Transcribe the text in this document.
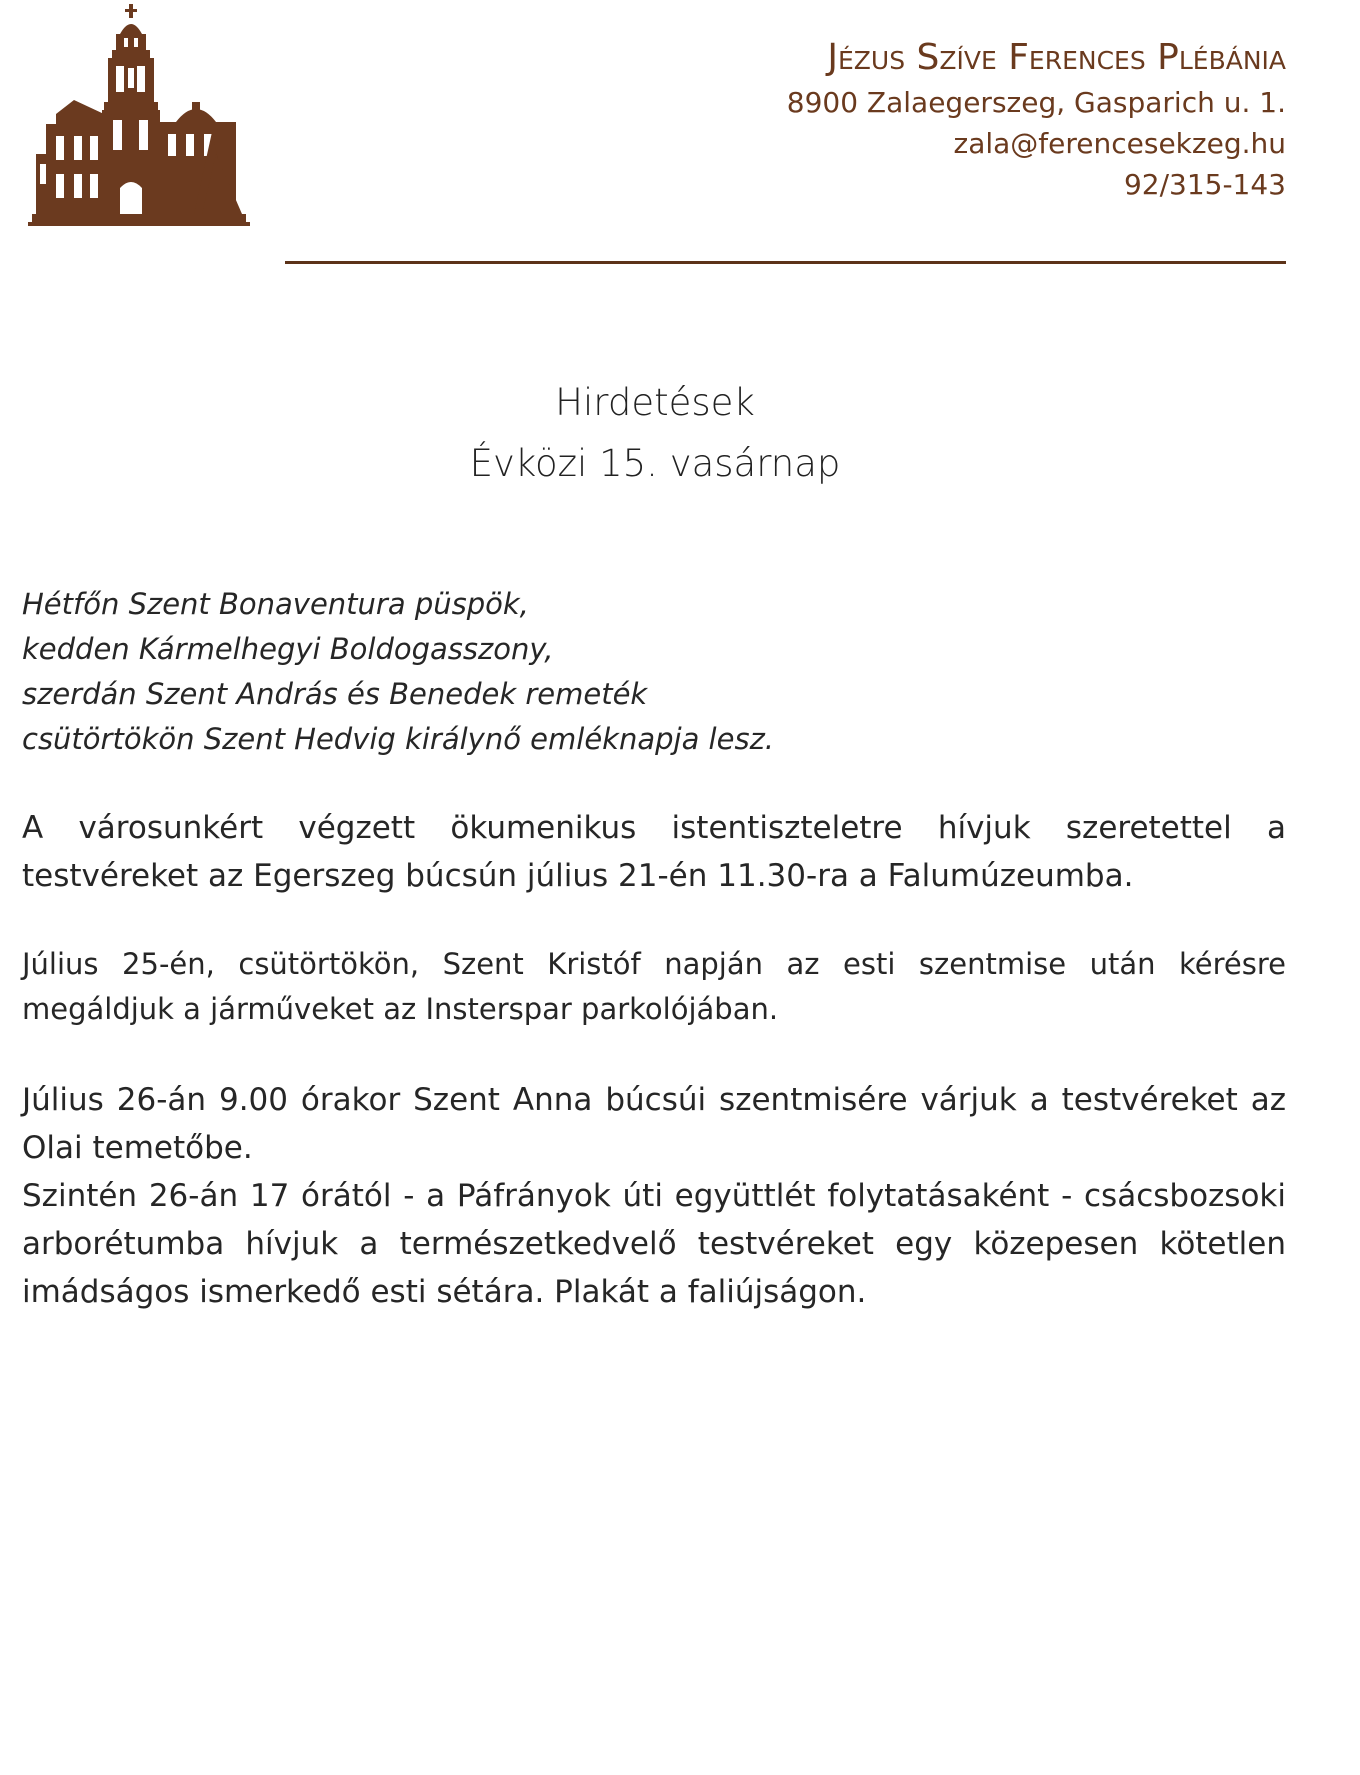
Jézus Szíve Ferences Plébánia
8900 Zalaegerszeg, Gasparich u. 1.
zala@ferencesekzeg.hu
92/315-143
Hirdetések
Évközi 15. vasárnap
Hétfőn Szent Bonaventura püspök,
kedden Kármelhegyi Boldogasszony,
szerdán Szent András és Benedek remeték
csütörtökön Szent Hedvig királynő emléknapja lesz.

A városunkért végzett ökumenikus istentiszteletre hívjuk szeretettel a testvéreket az Egerszeg búcsún július 21-én 11.30-ra a Falumúzeumba.

Július 25-én, csütörtökön, Szent Kristóf napján az esti szentmise után kérésre megáldjuk a járműveket az Insterspar parkolójában.

Július 26-án 9.00 órakor Szent Anna búcsúi szentmisére várjuk a testvéreket az Olai temetőbe.

Szintén 26-án 17 órától - a Páfrányok úti együttlét folytatásaként - csácsbozsoki arborétumba hívjuk a természetkedvelő testvéreket egy közepesen kötetlen imádságos ismerkedő esti sétára. Plakát a faliújságon.
